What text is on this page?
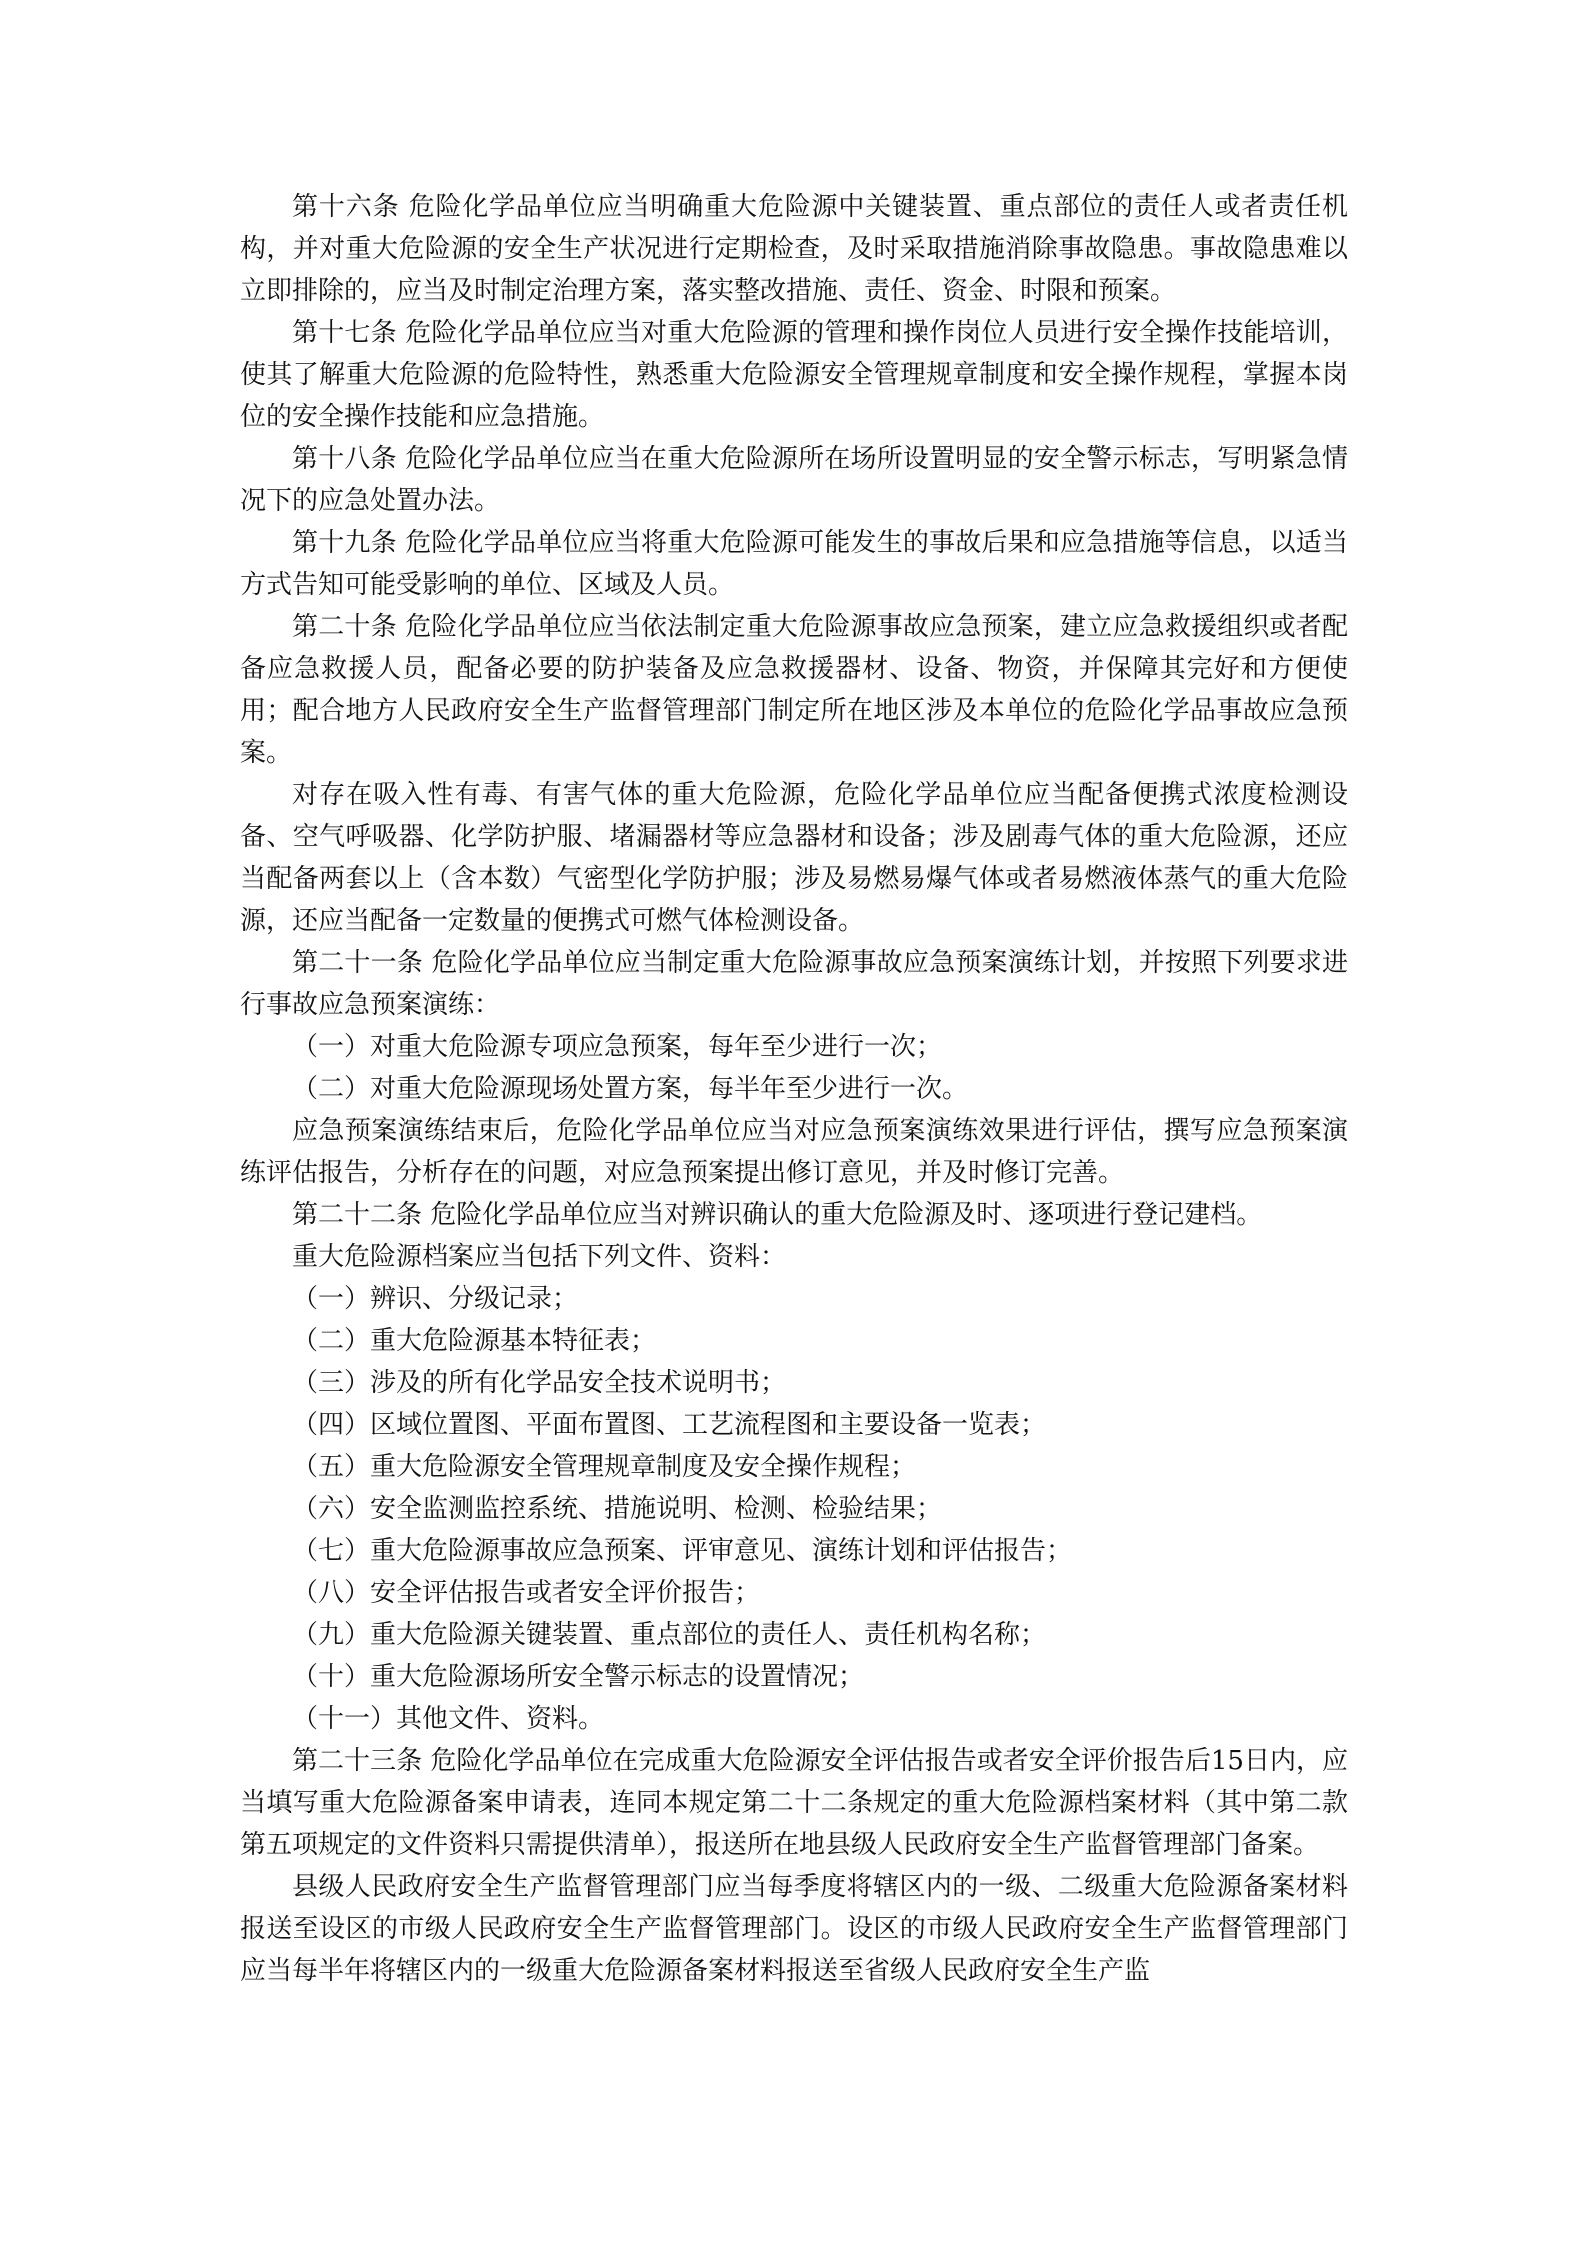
第十六条 危险化学品单位应当明确重大危险源中关键装置、重点部位的责任人或者责任机构，并对重大危险源的安全生产状况进行定期检查，及时采取措施消除事故隐患。事故隐患难以立即排除的，应当及时制定治理方案，落实整改措施、责任、资金、时限和预案。

第十七条 危险化学品单位应当对重大危险源的管理和操作岗位人员进行安全操作技能培训，使其了解重大危险源的危险特性，熟悉重大危险源安全管理规章制度和安全操作规程，掌握本岗位的安全操作技能和应急措施。

第十八条 危险化学品单位应当在重大危险源所在场所设置明显的安全警示标志，写明紧急情况下的应急处置办法。

第十九条 危险化学品单位应当将重大危险源可能发生的事故后果和应急措施等信息，以适当方式告知可能受影响的单位、区域及人员。

第二十条 危险化学品单位应当依法制定重大危险源事故应急预案，建立应急救援组织或者配备应急救援人员，配备必要的防护装备及应急救援器材、设备、物资，并保障其完好和方便使用；配合地方人民政府安全生产监督管理部门制定所在地区涉及本单位的危险化学品事故应急预案。

对存在吸入性有毒、有害气体的重大危险源，危险化学品单位应当配备便携式浓度检测设备、空气呼吸器、化学防护服、堵漏器材等应急器材和设备；涉及剧毒气体的重大危险源，还应当配备两套以上（含本数）气密型化学防护服；涉及易燃易爆气体或者易燃液体蒸气的重大危险源，还应当配备一定数量的便携式可燃气体检测设备。

第二十一条 危险化学品单位应当制定重大危险源事故应急预案演练计划，并按照下列要求进行事故应急预案演练：

（一）对重大危险源专项应急预案，每年至少进行一次；

（二）对重大危险源现场处置方案，每半年至少进行一次。

应急预案演练结束后，危险化学品单位应当对应急预案演练效果进行评估，撰写应急预案演练评估报告，分析存在的问题，对应急预案提出修订意见，并及时修订完善。

第二十二条 危险化学品单位应当对辨识确认的重大危险源及时、逐项进行登记建档。

重大危险源档案应当包括下列文件、资料：

（一）辨识、分级记录；

（二）重大危险源基本特征表；

（三）涉及的所有化学品安全技术说明书；

（四）区域位置图、平面布置图、工艺流程图和主要设备一览表；

（五）重大危险源安全管理规章制度及安全操作规程；

（六）安全监测监控系统、措施说明、检测、检验结果；

（七）重大危险源事故应急预案、评审意见、演练计划和评估报告；

（八）安全评估报告或者安全评价报告；

（九）重大危险源关键装置、重点部位的责任人、责任机构名称；

（十）重大危险源场所安全警示标志的设置情况；

（十一）其他文件、资料。

第二十三条 危险化学品单位在完成重大危险源安全评估报告或者安全评价报告后15日内，应当填写重大危险源备案申请表，连同本规定第二十二条规定的重大危险源档案材料（其中第二款第五项规定的文件资料只需提供清单），报送所在地县级人民政府安全生产监督管理部门备案。

县级人民政府安全生产监督管理部门应当每季度将辖区内的一级、二级重大危险源备案材料报送至设区的市级人民政府安全生产监督管理部门。设区的市级人民政府安全生产监督管理部门应当每半年将辖区内的一级重大危险源备案材料报送至省级人民政府安全生产监
